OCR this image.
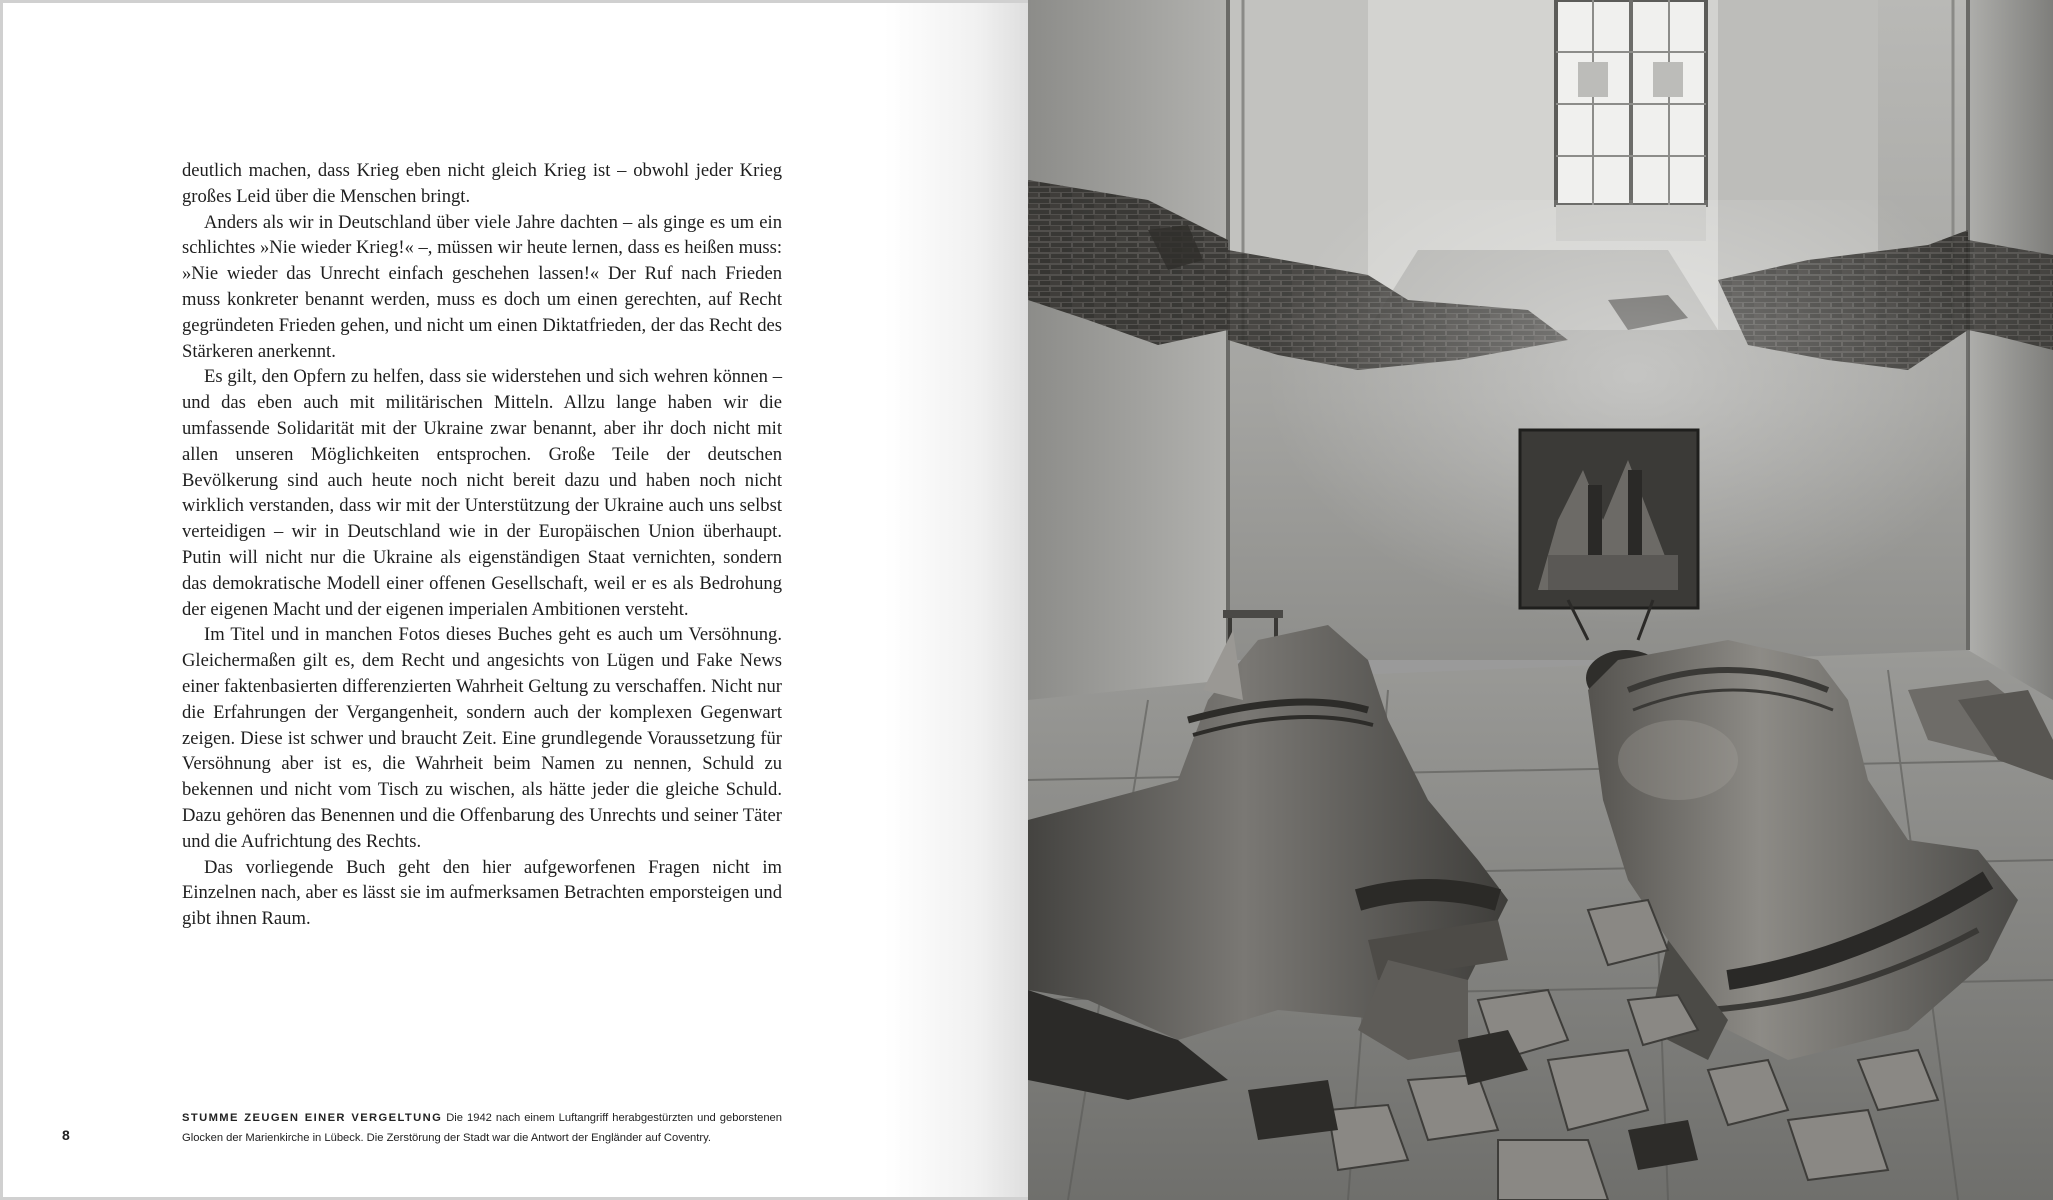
deutlich machen, dass Krieg eben nicht gleich Krieg ist – obwohl jeder Krieg großes Leid über die Menschen bringt.

Anders als wir in Deutschland über viele Jahre dachten – als ginge es um ein schlichtes »Nie wieder Krieg!« –, müssen wir heute lernen, dass es heißen muss: »Nie wieder das Unrecht einfach geschehen lassen!« Der Ruf nach Frieden muss konkreter benannt werden, muss es doch um einen gerechten, auf Recht gegründeten Frieden gehen, und nicht um einen Diktatfrieden, der das Recht des Stärkeren anerkennt.

Es gilt, den Opfern zu helfen, dass sie widerstehen und sich wehren können – und das eben auch mit militärischen Mitteln. Allzu lange haben wir die umfassende Solidarität mit der Ukraine zwar benannt, aber ihr doch nicht mit allen unseren Möglichkeiten entsprochen. Große Teile der deutschen Bevölkerung sind auch heute noch nicht bereit dazu und haben noch nicht wirklich verstanden, dass wir mit der Unterstützung der Ukraine auch uns selbst verteidigen – wir in Deutschland wie in der Europäischen Union überhaupt. Putin will nicht nur die Ukraine als eigenständigen Staat vernichten, sondern das demokratische Modell einer offenen Gesellschaft, weil er es als Bedrohung der eigenen Macht und der eigenen imperialen Ambitionen versteht.

Im Titel und in manchen Fotos dieses Buches geht es auch um Versöhnung. Gleichermaßen gilt es, dem Recht und angesichts von Lügen und Fake News einer faktenbasierten differenzierten Wahrheit Geltung zu verschaffen. Nicht nur die Erfahrungen der Vergangenheit, sondern auch der komplexen Gegenwart zeigen. Diese ist schwer und braucht Zeit. Eine grundlegende Voraussetzung für Versöhnung aber ist es, die Wahrheit beim Namen zu nennen, Schuld zu bekennen und nicht vom Tisch zu wischen, als hätte jeder die gleiche Schuld. Dazu gehören das Benennen und die Offenbarung des Unrechts und seiner Täter und die Aufrichtung des Rechts.

Das vorliegende Buch geht den hier aufgeworfenen Fragen nicht im Einzelnen nach, aber es lässt sie im aufmerksamen Betrachten emporsteigen und gibt ihnen Raum.

STUMME ZEUGEN EINER VERGELTUNG Die 1942 nach einem Luftangriff herabgestürzten und geborstenen Glocken der Marienkirche in Lübeck. Die Zerstörung der Stadt war die Antwort der Engländer auf Coventry.
8
